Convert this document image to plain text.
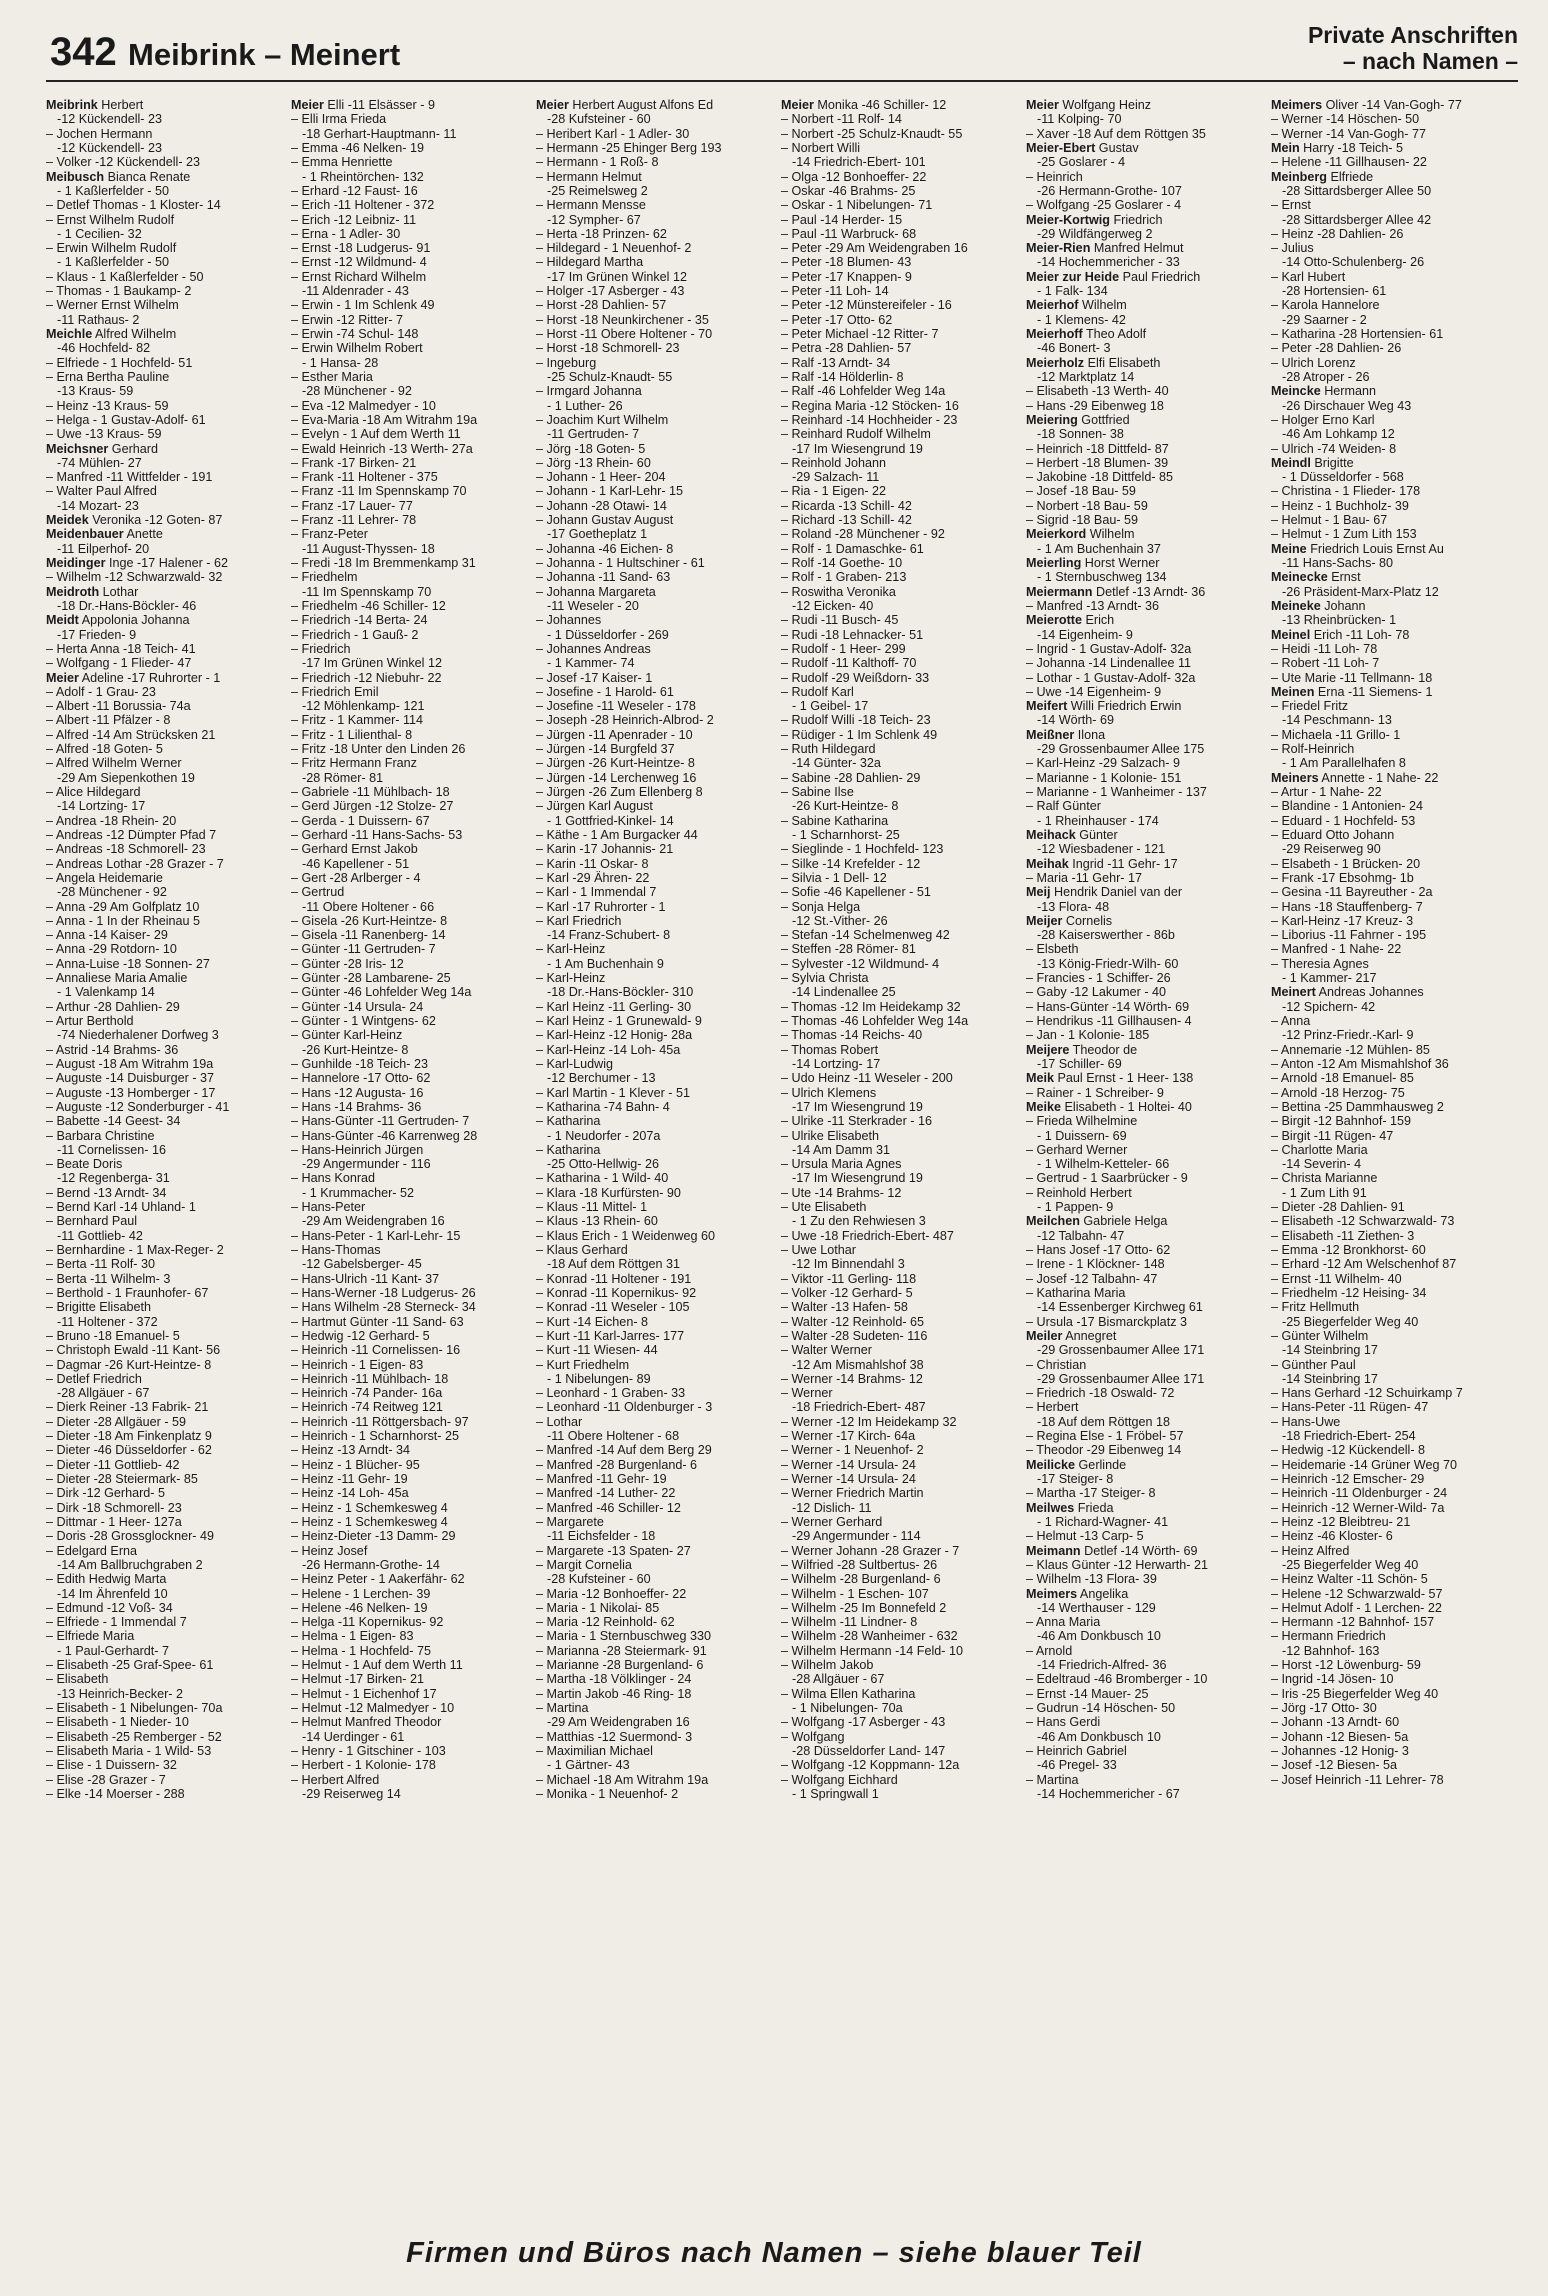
342 Meibrink – Meinert
Private Anschriften
– nach Namen –
Meibrink Herbert
-12 Kückendell- 23
– Jochen Hermann
-12 Kückendell- 23
– Volker -12 Kückendell- 23
Meibusch Bianca Renate
- 1 Kaßlerfelder - 50
– Detlef Thomas - 1 Kloster- 14
– Ernst Wilhelm Rudolf
- 1 Cecilien- 32
– Erwin Wilhelm Rudolf
- 1 Kaßlerfelder - 50
– Klaus - 1 Kaßlerfelder - 50
– Thomas - 1 Baukamp- 2
– Werner Ernst Wilhelm
-11 Rathaus- 2
Meichle Alfred Wilhelm
-46 Hochfeld- 82
– Elfriede - 1 Hochfeld- 51
– Erna Bertha Pauline
-13 Kraus- 59
– Heinz -13 Kraus- 59
– Helga - 1 Gustav-Adolf- 61
– Uwe -13 Kraus- 59
Meichsner Gerhard
-74 Mühlen- 27
– Manfred -11 Wittfelder - 191
– Walter Paul Alfred
-14 Mozart- 23
Meidek Veronika -12 Goten- 87
Meidenbauer Anette
-11 Eilperhof- 20
Meidinger Inge -17 Halener - 62
– Wilhelm -12 Schwarzwald- 32
Meidroth Lothar
-18 Dr.-Hans-Böckler- 46
Meidt Appolonia Johanna
-17 Frieden- 9
– Herta Anna -18 Teich- 41
– Wolfgang - 1 Flieder- 47
Meier Adeline -17 Ruhrorter - 1
– Adolf - 1 Grau- 23
– Albert -11 Borussia- 74a
– Albert -11 Pfälzer - 8
– Alfred -14 Am Strücksken 21
– Alfred -18 Goten- 5
– Alfred Wilhelm Werner
-29 Am Siepenkothen 19
– Alice Hildegard
-14 Lortzing- 17
– Andrea -18 Rhein- 20
– Andreas -12 Dümpter Pfad 7
– Andreas -18 Schmorell- 23
– Andreas Lothar -28 Grazer - 7
– Angela Heidemarie
-28 Münchener - 92
– Anna -29 Am Golfplatz 10
– Anna - 1 In der Rheinau 5
– Anna -14 Kaiser- 29
– Anna -29 Rotdorn- 10
– Anna-Luise -18 Sonnen- 27
– Annaliese Maria Amalie
- 1 Valenkamp 14
– Arthur -28 Dahlien- 29
– Artur Berthold
-74 Niederhalener Dorfweg 3
– Astrid -14 Brahms- 36
– August -18 Am Witrahm 19a
– Auguste -14 Duisburger - 37
– Auguste -13 Homberger - 17
– Auguste -12 Sonderburger - 41
– Babette -14 Geest- 34
– Barbara Christine
-11 Cornelissen- 16
– Beate Doris
-12 Regenberga- 31
– Bernd -13 Arndt- 34
– Bernd Karl -14 Uhland- 1
– Bernhard Paul
-11 Gottlieb- 42
– Bernhardine - 1 Max-Reger- 2
– Berta -11 Rolf- 30
– Berta -11 Wilhelm- 3
– Berthold - 1 Fraunhofer- 67
– Brigitte Elisabeth
-11 Holtener - 372
– Bruno -18 Emanuel- 5
– Christoph Ewald -11 Kant- 56
– Dagmar -26 Kurt-Heintze- 8
– Detlef Friedrich
-28 Allgäuer - 67
– Dierk Reiner -13 Fabrik- 21
– Dieter -28 Allgäuer - 59
– Dieter -18 Am Finkenplatz 9
– Dieter -46 Düsseldorfer - 62
– Dieter -11 Gottlieb- 42
– Dieter -28 Steiermark- 85
– Dirk -12 Gerhard- 5
– Dirk -18 Schmorell- 23
– Dittmar - 1 Heer- 127a
– Doris -28 Grossglockner- 49
– Edelgard Erna
-14 Am Ballbruchgraben 2
– Edith Hedwig Marta
-14 Im Ährenfeld 10
– Edmund -12 Voß- 34
– Elfriede - 1 Immendal 7
– Elfriede Maria
- 1 Paul-Gerhardt- 7
– Elisabeth -25 Graf-Spee- 61
– Elisabeth
-13 Heinrich-Becker- 2
– Elisabeth - 1 Nibelungen- 70a
– Elisabeth - 1 Nieder- 10
– Elisabeth -25 Remberger - 52
– Elisabeth Maria - 1 Wild- 53
– Elise - 1 Duissern- 32
– Elise -28 Grazer - 7
– Elke -14 Moerser - 288
Meier Elli -11 Elsässer - 9
– Elli Irma Frieda
-18 Gerhart-Hauptmann- 11
– Emma -46 Nelken- 19
– Emma Henriette
- 1 Rheintörchen- 132
– Erhard -12 Faust- 16
– Erich -11 Holtener - 372
– Erich -12 Leibniz- 11
– Erna - 1 Adler- 30
– Ernst -18 Ludgerus- 91
– Ernst -12 Wildmund- 4
– Ernst Richard Wilhelm
-11 Aldenrader - 43
– Erwin - 1 Im Schlenk 49
– Erwin -12 Ritter- 7
– Erwin -74 Schul- 148
– Erwin Wilhelm Robert
- 1 Hansa- 28
– Esther Maria
-28 Münchener - 92
– Eva -12 Malmedyer - 10
– Eva-Maria -18 Am Witrahm 19a
– Evelyn - 1 Auf dem Werth 11
– Ewald Heinrich -13 Werth- 27a
– Frank -17 Birken- 21
– Frank -11 Holtener - 375
– Franz -11 Im Spennskamp 70
– Franz -17 Lauer- 77
– Franz -11 Lehrer- 78
– Franz-Peter
-11 August-Thyssen- 18
– Fredi -18 Im Bremmenkamp 31
– Friedhelm
-11 Im Spennskamp 70
– Friedhelm -46 Schiller- 12
– Friedrich -14 Berta- 24
– Friedrich - 1 Gauß- 2
– Friedrich
-17 Im Grünen Winkel 12
– Friedrich -12 Niebuhr- 22
– Friedrich Emil
-12 Möhlenkamp- 121
– Fritz - 1 Kammer- 114
– Fritz - 1 Lilienthal- 8
– Fritz -18 Unter den Linden 26
– Fritz Hermann Franz
-28 Römer- 81
– Gabriele -11 Mühlbach- 18
– Gerd Jürgen -12 Stolze- 27
– Gerda - 1 Duissern- 67
– Gerhard -11 Hans-Sachs- 53
– Gerhard Ernst Jakob
-46 Kapellener - 51
– Gert -28 Arlberger - 4
– Gertrud
-11 Obere Holtener - 66
– Gisela -26 Kurt-Heintze- 8
– Gisela -11 Ranenberg- 14
– Günter -11 Gertruden- 7
– Günter -28 Iris- 12
– Günter -28 Lambarene- 25
– Günter -46 Lohfelder Weg 14a
– Günter -14 Ursula- 24
– Günter - 1 Wintgens- 62
– Günter Karl-Heinz
-26 Kurt-Heintze- 8
– Gunhilde -18 Teich- 23
– Hannelore -17 Otto- 62
– Hans -12 Augusta- 16
– Hans -14 Brahms- 36
– Hans-Günter -11 Gertruden- 7
– Hans-Günter -46 Karrenweg 28
– Hans-Heinrich Jürgen
-29 Angermunder - 116
– Hans Konrad
- 1 Krummacher- 52
– Hans-Peter
-29 Am Weidengraben 16
– Hans-Peter - 1 Karl-Lehr- 15
– Hans-Thomas
-12 Gabelsberger- 45
– Hans-Ulrich -11 Kant- 37
– Hans-Werner -18 Ludgerus- 26
– Hans Wilhelm -28 Sterneck- 34
– Hartmut Günter -11 Sand- 63
– Hedwig -12 Gerhard- 5
– Heinrich -11 Cornelissen- 16
– Heinrich - 1 Eigen- 83
– Heinrich -11 Mühlbach- 18
– Heinrich -74 Pander- 16a
– Heinrich -74 Reitweg 121
– Heinrich -11 Röttgersbach- 97
– Heinrich - 1 Scharnhorst- 25
– Heinz -13 Arndt- 34
– Heinz - 1 Blücher- 95
– Heinz -11 Gehr- 19
– Heinz -14 Loh- 45a
– Heinz - 1 Schemkesweg 4
– Heinz - 1 Schemkesweg 4
– Heinz-Dieter -13 Damm- 29
– Heinz Josef
-26 Hermann-Grothe- 14
– Heinz Peter - 1 Aakerfähr- 62
– Helene - 1 Lerchen- 39
– Helene -46 Nelken- 19
– Helga -11 Kopernikus- 92
– Helma - 1 Eigen- 83
– Helma - 1 Hochfeld- 75
– Helmut - 1 Auf dem Werth 11
– Helmut -17 Birken- 21
– Helmut - 1 Eichenhof 17
– Helmut -12 Malmedyer - 10
– Helmut Manfred Theodor
-14 Uerdinger - 61
– Henry - 1 Gitschiner - 103
– Herbert - 1 Kolonie- 178
– Herbert Alfred
-29 Reiserweg 14
Meier Herbert August Alfons Ed
-28 Kufsteiner - 60
– Heribert Karl - 1 Adler- 30
– Hermann -25 Ehinger Berg 193
– Hermann - 1 Roß- 8
– Hermann Helmut
-25 Reimelsweg 2
– Hermann Mensse
-12 Sympher- 67
– Herta -18 Prinzen- 62
– Hildegard - 1 Neuenhof- 2
– Hildegard Martha
-17 Im Grünen Winkel 12
– Holger -17 Asberger - 43
– Horst -28 Dahlien- 57
– Horst -18 Neunkirchener - 35
– Horst -11 Obere Holtener - 70
– Horst -18 Schmorell- 23
– Ingeburg
-25 Schulz-Knaudt- 55
– Irmgard Johanna
- 1 Luther- 26
– Joachim Kurt Wilhelm
-11 Gertruden- 7
– Jörg -18 Goten- 5
– Jörg -13 Rhein- 60
– Johann - 1 Heer- 204
– Johann - 1 Karl-Lehr- 15
– Johann -28 Otawi- 14
– Johann Gustav August
-17 Goetheplatz 1
– Johanna -46 Eichen- 8
– Johanna - 1 Hultschiner - 61
– Johanna -11 Sand- 63
– Johanna Margareta
-11 Weseler - 20
– Johannes
- 1 Düsseldorfer - 269
– Johannes Andreas
- 1 Kammer- 74
– Josef -17 Kaiser- 1
– Josefine - 1 Harold- 61
– Josefine -11 Weseler - 178
– Joseph -28 Heinrich-Albrod- 2
– Jürgen -11 Apenrader - 10
– Jürgen -14 Burgfeld 37
– Jürgen -26 Kurt-Heintze- 8
– Jürgen -14 Lerchenweg 16
– Jürgen -26 Zum Ellenberg 8
– Jürgen Karl August
- 1 Gottfried-Kinkel- 14
– Käthe - 1 Am Burgacker 44
– Karin -17 Johannis- 21
– Karin -11 Oskar- 8
– Karl -29 Ähren- 22
– Karl - 1 Immendal 7
– Karl -17 Ruhrorter - 1
– Karl Friedrich
-14 Franz-Schubert- 8
– Karl-Heinz
- 1 Am Buchenhain 9
– Karl-Heinz
-18 Dr.-Hans-Böckler- 310
– Karl Heinz -11 Gerling- 30
– Karl Heinz - 1 Grunewald- 9
– Karl-Heinz -12 Honig- 28a
– Karl-Heinz -14 Loh- 45a
– Karl-Ludwig
-12 Berchumer - 13
– Karl Martin - 1 Klever - 51
– Katharina -74 Bahn- 4
– Katharina
- 1 Neudorfer - 207a
– Katharina
-25 Otto-Hellwig- 26
– Katharina - 1 Wild- 40
– Klara -18 Kurfürsten- 90
– Klaus -11 Mittel- 1
– Klaus -13 Rhein- 60
– Klaus Erich - 1 Weidenweg 60
– Klaus Gerhard
-18 Auf dem Röttgen 31
– Konrad -11 Holtener - 191
– Konrad -11 Kopernikus- 92
– Konrad -11 Weseler - 105
– Kurt -14 Eichen- 8
– Kurt -11 Karl-Jarres- 177
– Kurt -11 Wiesen- 44
– Kurt Friedhelm
- 1 Nibelungen- 89
– Leonhard - 1 Graben- 33
– Leonhard -11 Oldenburger - 3
– Lothar
-11 Obere Holtener - 68
– Manfred -14 Auf dem Berg 29
– Manfred -28 Burgenland- 6
– Manfred -11 Gehr- 19
– Manfred -14 Luther- 22
– Manfred -46 Schiller- 12
– Margarete
-11 Eichsfelder - 18
– Margarete -13 Spaten- 27
– Margit Cornelia
-28 Kufsteiner - 60
– Maria -12 Bonhoeffer- 22
– Maria - 1 Nikolai- 85
– Maria -12 Reinhold- 62
– Maria - 1 Sternbuschweg 330
– Marianna -28 Steiermark- 91
– Marianne -28 Burgenland- 6
– Martha -18 Völklinger - 24
– Martin Jakob -46 Ring- 18
– Martina
-29 Am Weidengraben 16
– Matthias -12 Suermond- 3
– Maximilian Michael
- 1 Gärtner- 43
– Michael -18 Am Witrahm 19a
– Monika - 1 Neuenhof- 2
Meier Monika -46 Schiller- 12
– Norbert -11 Rolf- 14
– Norbert -25 Schulz-Knaudt- 55
– Norbert Willi
-14 Friedrich-Ebert- 101
– Olga -12 Bonhoeffer- 22
– Oskar -46 Brahms- 25
– Oskar - 1 Nibelungen- 71
– Paul -14 Herder- 15
– Paul -11 Warbruck- 68
– Peter -29 Am Weidengraben 16
– Peter -18 Blumen- 43
– Peter -17 Knappen- 9
– Peter -11 Loh- 14
– Peter -12 Münstereifeler - 16
– Peter -17 Otto- 62
– Peter Michael -12 Ritter- 7
– Petra -28 Dahlien- 57
– Ralf -13 Arndt- 34
– Ralf -14 Hölderlin- 8
– Ralf -46 Lohfelder Weg 14a
– Regina Maria -12 Stöcken- 16
– Reinhard -14 Hochheider - 23
– Reinhard Rudolf Wilhelm
-17 Im Wiesengrund 19
– Reinhold Johann
-29 Salzach- 11
– Ria - 1 Eigen- 22
– Ricarda -13 Schill- 42
– Richard -13 Schill- 42
– Roland -28 Münchener - 92
– Rolf - 1 Damaschke- 61
– Rolf -14 Goethe- 10
– Rolf - 1 Graben- 213
– Roswitha Veronika
-12 Eicken- 40
– Rudi -11 Busch- 45
– Rudi -18 Lehnacker- 51
– Rudolf - 1 Heer- 299
– Rudolf -11 Kalthoff- 70
– Rudolf -29 Weißdorn- 33
– Rudolf Karl
- 1 Geibel- 17
– Rudolf Willi -18 Teich- 23
– Rüdiger - 1 Im Schlenk 49
– Ruth Hildegard
-14 Günter- 32a
– Sabine -28 Dahlien- 29
– Sabine Ilse
-26 Kurt-Heintze- 8
– Sabine Katharina
- 1 Scharnhorst- 25
– Sieglinde - 1 Hochfeld- 123
– Silke -14 Krefelder - 12
– Silvia - 1 Dell- 12
– Sofie -46 Kapellener - 51
– Sonja Helga
-12 St.-Vither- 26
– Stefan -14 Schelmenweg 42
– Steffen -28 Römer- 81
– Sylvester -12 Wildmund- 4
– Sylvia Christa
-14 Lindenallee 25
– Thomas -12 Im Heidekamp 32
– Thomas -46 Lohfelder Weg 14a
– Thomas -14 Reichs- 40
– Thomas Robert
-14 Lortzing- 17
– Udo Heinz -11 Weseler - 200
– Ulrich Klemens
-17 Im Wiesengrund 19
– Ulrike -11 Sterkrader - 16
– Ulrike Elisabeth
-14 Am Damm 31
– Ursula Maria Agnes
-17 Im Wiesengrund 19
– Ute -14 Brahms- 12
– Ute Elisabeth
- 1 Zu den Rehwiesen 3
– Uwe -18 Friedrich-Ebert- 487
– Uwe Lothar
-12 Im Binnendahl 3
– Viktor -11 Gerling- 118
– Volker -12 Gerhard- 5
– Walter -13 Hafen- 58
– Walter -12 Reinhold- 65
– Walter -28 Sudeten- 116
– Walter Werner
-12 Am Mismahlshof 38
– Werner -14 Brahms- 12
– Werner
-18 Friedrich-Ebert- 487
– Werner -12 Im Heidekamp 32
– Werner -17 Kirch- 64a
– Werner - 1 Neuenhof- 2
– Werner -14 Ursula- 24
– Werner -14 Ursula- 24
– Werner Friedrich Martin
-12 Dislich- 11
– Werner Gerhard
-29 Angermunder - 114
– Werner Johann -28 Grazer - 7
– Wilfried -28 Sultbertus- 26
– Wilhelm -28 Burgenland- 6
– Wilhelm - 1 Eschen- 107
– Wilhelm -25 Im Bonnefeld 2
– Wilhelm -11 Lindner- 8
– Wilhelm -28 Wanheimer - 632
– Wilhelm Hermann -14 Feld- 10
– Wilhelm Jakob
-28 Allgäuer - 67
– Wilma Ellen Katharina
- 1 Nibelungen- 70a
– Wolfgang -17 Asberger - 43
– Wolfgang
-28 Düsseldorfer Land- 147
– Wolfgang -12 Koppmann- 12a
– Wolfgang Eichhard
- 1 Springwall 1
Meier Wolfgang Heinz
-11 Kolping- 70
– Xaver -18 Auf dem Röttgen 35
Meier-Ebert Gustav
-25 Goslarer - 4
– Heinrich
-26 Hermann-Grothe- 107
– Wolfgang -25 Goslarer - 4
Meier-Kortwig Friedrich
-29 Wildfängerweg 2
Meier-Rien Manfred Helmut
-14 Hochemmericher - 33
Meier zur Heide Paul Friedrich
- 1 Falk- 134
Meierhof Wilhelm
- 1 Klemens- 42
Meierhoff Theo Adolf
-46 Bonert- 3
Meierholz Elfi Elisabeth
-12 Marktplatz 14
– Elisabeth -13 Werth- 40
– Hans -29 Eibenweg 18
Meiering Gottfried
-18 Sonnen- 38
– Heinrich -18 Dittfeld- 87
– Herbert -18 Blumen- 39
– Jakobine -18 Dittfeld- 85
– Josef -18 Bau- 59
– Norbert -18 Bau- 59
– Sigrid -18 Bau- 59
Meierkord Wilhelm
- 1 Am Buchenhain 37
Meierling Horst Werner
- 1 Sternbuschweg 134
Meiermann Detlef -13 Arndt- 36
– Manfred -13 Arndt- 36
Meierotte Erich
-14 Eigenheim- 9
– Ingrid - 1 Gustav-Adolf- 32a
– Johanna -14 Lindenallee 11
– Lothar - 1 Gustav-Adolf- 32a
– Uwe -14 Eigenheim- 9
Meifert Willi Friedrich Erwin
-14 Wörth- 69
Meißner Ilona
-29 Grossenbaumer Allee 175
– Karl-Heinz -29 Salzach- 9
– Marianne - 1 Kolonie- 151
– Marianne - 1 Wanheimer - 137
– Ralf Günter
- 1 Rheinhauser - 174
Meihack Günter
-12 Wiesbadener - 121
Meihak Ingrid -11 Gehr- 17
– Maria -11 Gehr- 17
Meij Hendrik Daniel van der
-13 Flora- 48
Meijer Cornelis
-28 Kaiserswerther - 86b
– Elsbeth
-13 König-Friedr-Wilh- 60
– Francies - 1 Schiffer- 26
– Gaby -12 Lakumer - 40
– Hans-Günter -14 Wörth- 69
– Hendrikus -11 Gillhausen- 4
– Jan - 1 Kolonie- 185
Meijere Theodor de
-17 Schiller- 69
Meik Paul Ernst - 1 Heer- 138
– Rainer - 1 Schreiber- 9
Meike Elisabeth - 1 Holtei- 40
– Frieda Wilhelmine
- 1 Duissern- 69
– Gerhard Werner
- 1 Wilhelm-Ketteler- 66
– Gertrud - 1 Saarbrücker - 9
– Reinhold Herbert
- 1 Pappen- 9
Meilchen Gabriele Helga
-12 Talbahn- 47
– Hans Josef -17 Otto- 62
– Irene - 1 Klöckner- 148
– Josef -12 Talbahn- 47
– Katharina Maria
-14 Essenberger Kirchweg 61
– Ursula -17 Bismarckplatz 3
Meiler Annegret
-29 Grossenbaumer Allee 171
– Christian
-29 Grossenbaumer Allee 171
– Friedrich -18 Oswald- 72
– Herbert
-18 Auf dem Röttgen 18
– Regina Else - 1 Fröbel- 57
– Theodor -29 Eibenweg 14
Meilicke Gerlinde
-17 Steiger- 8
– Martha -17 Steiger- 8
Meilwes Frieda
- 1 Richard-Wagner- 41
– Helmut -13 Carp- 5
Meimann Detlef -14 Wörth- 69
– Klaus Günter -12 Herwarth- 21
– Wilhelm -13 Flora- 39
Meimers Angelika
-14 Werthauser - 129
– Anna Maria
-46 Am Donkbusch 10
– Arnold
-14 Friedrich-Alfred- 36
– Edeltraud -46 Bromberger - 10
– Ernst -14 Mauer- 25
– Gudrun -14 Höschen- 50
– Hans Gerdi
-46 Am Donkbusch 10
– Heinrich Gabriel
-46 Pregel- 33
– Martina
-14 Hochemmericher - 67
Meimers Oliver -14 Van-Gogh- 77
– Werner -14 Höschen- 50
– Werner -14 Van-Gogh- 77
Mein Harry -18 Teich- 5
– Helene -11 Gillhausen- 22
Meinberg Elfriede
-28 Sittardsberger Allee 50
– Ernst
-28 Sittardsberger Allee 42
– Heinz -28 Dahlien- 26
– Julius
-14 Otto-Schulenberg- 26
– Karl Hubert
-28 Hortensien- 61
– Karola Hannelore
-29 Saarner - 2
– Katharina -28 Hortensien- 61
– Peter -28 Dahlien- 26
– Ulrich Lorenz
-28 Atroper - 26
Meincke Hermann
-26 Dirschauer Weg 43
– Holger Erno Karl
-46 Am Lohkamp 12
– Ulrich -74 Weiden- 8
Meindl Brigitte
- 1 Düsseldorfer - 568
– Christina - 1 Flieder- 178
– Heinz - 1 Buchholz- 39
– Helmut - 1 Bau- 67
– Helmut - 1 Zum Lith 153
Meine Friedrich Louis Ernst Au
-11 Hans-Sachs- 80
Meinecke Ernst
-26 Präsident-Marx-Platz 12
Meineke Johann
-13 Rheinbrücken- 1
Meinel Erich -11 Loh- 78
– Heidi -11 Loh- 78
– Robert -11 Loh- 7
– Ute Marie -11 Tellmann- 18
Meinen Erna -11 Siemens- 1
– Friedel Fritz
-14 Peschmann- 13
– Michaela -11 Grillo- 1
– Rolf-Heinrich
- 1 Am Parallelhafen 8
Meiners Annette - 1 Nahe- 22
– Artur - 1 Nahe- 22
– Blandine - 1 Antonien- 24
– Eduard - 1 Hochfeld- 53
– Eduard Otto Johann
-29 Reiserweg 90
– Elsabeth - 1 Brücken- 20
– Frank -17 Ebsohmg- 1b
– Gesina -11 Bayreuther - 2a
– Hans -18 Stauffenberg- 7
– Karl-Heinz -17 Kreuz- 3
– Liborius -11 Fahrner - 195
– Manfred - 1 Nahe- 22
– Theresia Agnes
- 1 Kammer- 217
Meinert Andreas Johannes
-12 Spichern- 42
– Anna
-12 Prinz-Friedr.-Karl- 9
– Annemarie -12 Mühlen- 85
– Anton -12 Am Mismahlshof 36
– Arnold -18 Emanuel- 85
– Arnold -18 Herzog- 75
– Bettina -25 Dammhausweg 2
– Birgit -12 Bahnhof- 159
– Birgit -11 Rügen- 47
– Charlotte Maria
-14 Severin- 4
– Christa Marianne
- 1 Zum Lith 91
– Dieter -28 Dahlien- 91
– Elisabeth -12 Schwarzwald- 73
– Elisabeth -11 Ziethen- 3
– Emma -12 Bronkhorst- 60
– Erhard -12 Am Welschenhof 87
– Ernst -11 Wilhelm- 40
– Friedhelm -12 Heising- 34
– Fritz Hellmuth
-25 Biegerfelder Weg 40
– Günter Wilhelm
-14 Steinbring 17
– Günther Paul
-14 Steinbring 17
– Hans Gerhard -12 Schuirkamp 7
– Hans-Peter -11 Rügen- 47
– Hans-Uwe
-18 Friedrich-Ebert- 254
– Hedwig -12 Kückendell- 8
– Heidemarie -14 Grüner Weg 70
– Heinrich -12 Emscher- 29
– Heinrich -11 Oldenburger - 24
– Heinrich -12 Werner-Wild- 7a
– Heinz -12 Bleibtreu- 21
– Heinz -46 Kloster- 6
– Heinz Alfred
-25 Biegerfelder Weg 40
– Heinz Walter -11 Schön- 5
– Helene -12 Schwarzwald- 57
– Helmut Adolf - 1 Lerchen- 22
– Hermann -12 Bahnhof- 157
– Hermann Friedrich
-12 Bahnhof- 163
– Horst -12 Löwenburg- 59
– Ingrid -14 Jösen- 10
– Iris -25 Biegerfelder Weg 40
– Jörg -17 Otto- 30
– Johann -13 Arndt- 60
– Johann -12 Biesen- 5a
– Johannes -12 Honig- 3
– Josef -12 Biesen- 5a
– Josef Heinrich -11 Lehrer- 78
Firmen und Büros nach Namen – siehe blauer Teil
